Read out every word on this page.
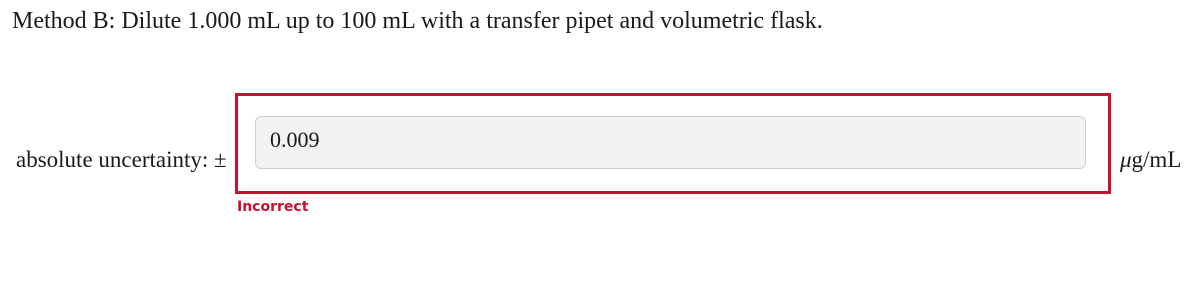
Method B: Dilute 1.000 mL up to 100 mL with a transfer pipet and volumetric flask.
absolute uncertainty: ±
0.009	μg/mL
Incorrect
